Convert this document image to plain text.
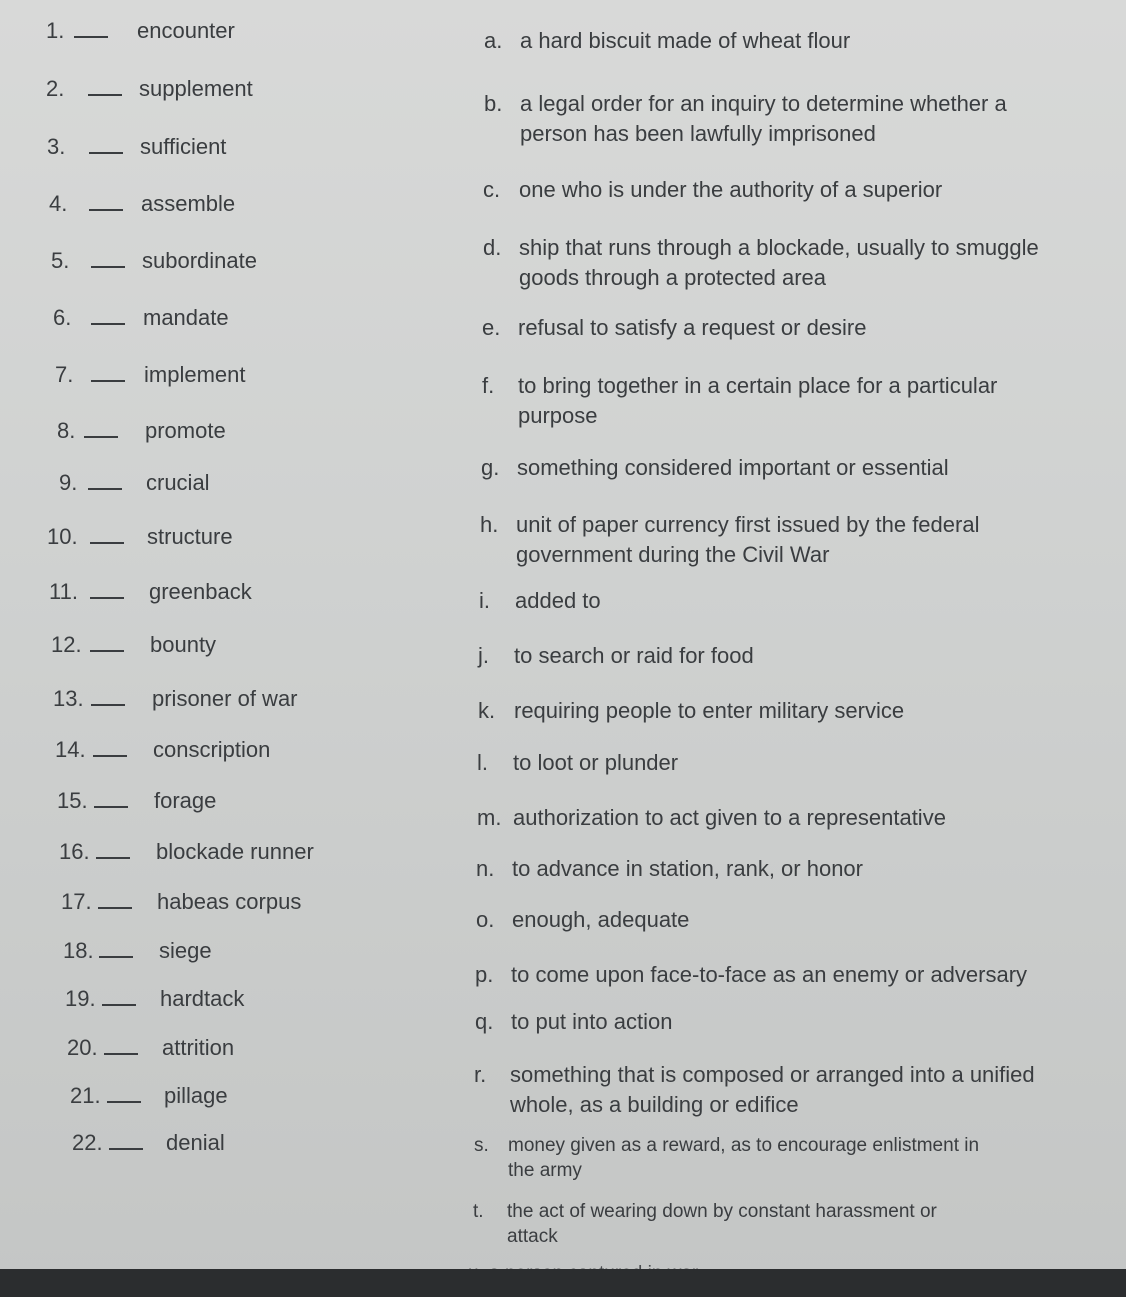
1.	encounter
2.	supplement
3.	sufficient
4.	assemble
5.	subordinate
6.	mandate
7.	implement
8.	promote
9.	crucial
10.	structure
11.	greenback
12.	bounty
13.	prisoner of war
14.	conscription
15.	forage
16.	blockade runner
17.	habeas corpus
18.	siege
19.	hardtack
20.	attrition
21.	pillage
22.	denial
a. a hard biscuit made of wheat flour
b. a legal order for an inquiry to determine whether a
person has been lawfully imprisoned
c. one who is under the authority of a superior
d. ship that runs through a blockade, usually to smuggle
goods through a protected area
e. refusal to satisfy a request or desire
f. to bring together in a certain place for a particular
purpose
g. something considered important or essential
h. unit of paper currency first issued by the federal
government during the Civil War
i. added to
j. to search or raid for food
k. requiring people to enter military service
l. to loot or plunder
m. authorization to act given to a representative
n. to advance in station, rank, or honor
o. enough, adequate
p. to come upon face-to-face as an enemy or adversary
q. to put into action
r. something that is composed or arranged into a unified
whole, as a building or edifice
s. money given as a reward, as to encourage enlistment in
the army
t. the act of wearing down by constant harassment or
attack
